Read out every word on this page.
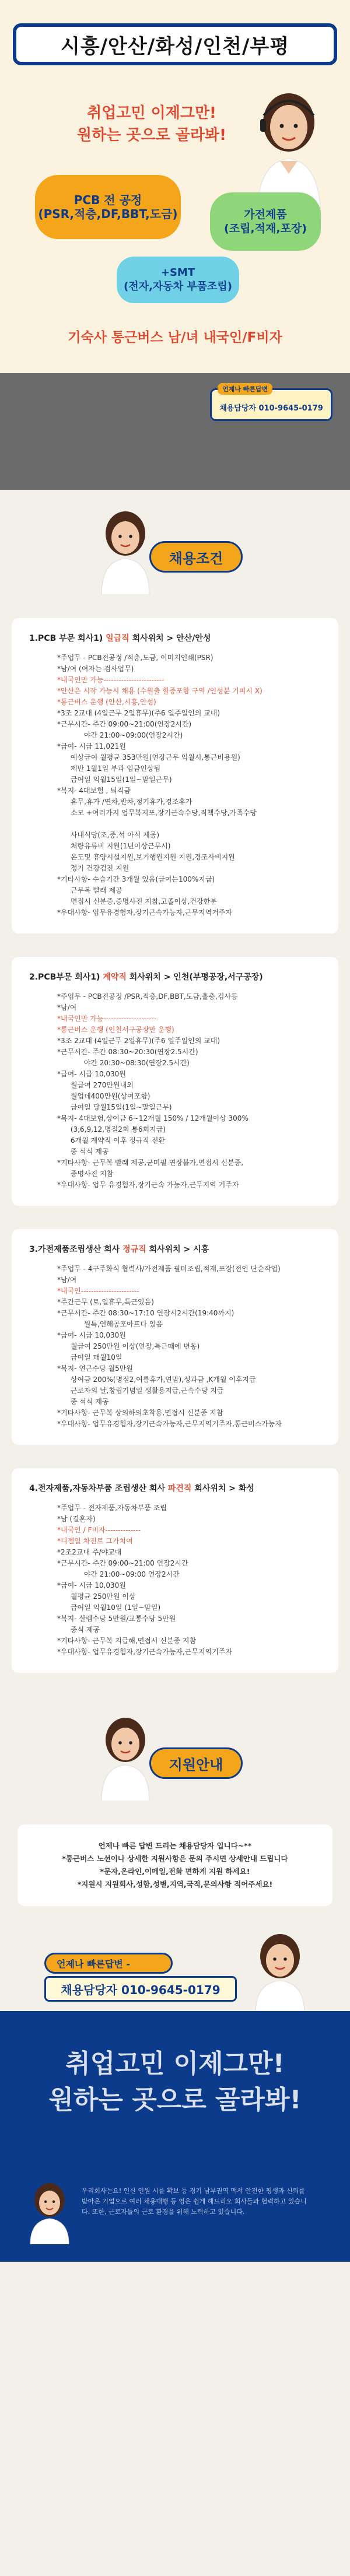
시흥/안산/화성/인천/부평
취업고민 이제그만!
원하는 곳으로 골라봐!
PCB 전 공정
(PSR,적층,DF,BBT,도금)	가전제품
(조립,적재,포장)
+SMT
(전자,자동차 부품조립)
기숙사 통근버스 남/녀 내국인/F비자
언제나 빠른답변
채용담당자 010-9645-0179
채용조건
1.PCB 부문 회사1) 일급직 회사위치 > 안산/안성
*주업무 - PCB전공정 /적층,도금, 이미지인쇄(PSR)
*남/여 (여자는 검사업무)
*내국인만 가능------------------------
*안산은 시작 가능시 채용 (수원출 할증포함 구역 /인성분 기피시 X)
*통근버스 운행 (안산,시흥,안성)
*3조 2교대 (4일근무 2일휴무)(주6 일주일인의 교대)
*근무시간- 주간 09:00~21:00(연장2시간)
야간 21:00~09:00(연장2시간)
*급여- 시급 11,021원
예상급여 월평균 353만원(연장근무 익월시,통근비용원)
제반 1월1일 부과 임금인상됨
급여일 익월15일(1일~말일근무)
*복지- 4대보험 , 퇴직금
휴무,휴가 /연차,반차,정기휴가,경조휴가
소모 +여러가지 업무복지포,장기근속수당,직책수당,가족수당

사내식당(조,중,석 아식 제공)
처량유류비 지원(1년이상근무시)
온도및 휴양시설지원,보기행원지원 지원,경조사비지원
정기 건강검진 지원
*기타사항- 수습기간 3개월 있음(급여는100%지급)
근무복 빨래 제공
면접시 신분증,증명사진 지참,고졸이상,건강한분
*우대사항- 업무유경험자,장기근속가능자,근무지역거주자
2.PCB부문 회사1) 계약직 회사위치 > 인천(부평공장,서구공장)
*주업무 - PCB전공정 /PSR,적층,DF,BBT,도금,홀충,검사등
*남/여
*내국인만 가능---------------------
*통근버스 운행 (인천서구공장만 운행)
*3조 2교대 (4일근무 2일휴무)(주6 일주일인의 교대)
*근무시간- 주간 08:30~20:30(연장2.5시간)
야간 20:30~08:30(연장2.5시간)
*급여- 시급 10,030원
월급여 270만원내외
월업데400만원(상여포함)
급여일 당월15일(1일~말일근무)
*복지- 4대보험,상여금 6~12개월 150% / 12개월이상 300%
(3,6,9,12,명절2회 통6회지급)
6개월 계약직 이후 정규직 전환
중 석식 제공
*기타사항- 근무복 빨래 제공,군미필 연장불가,면접시 신분증,
증명사진 지참
*우대사항- 업무 유경험자,장기근속 가능자,근무지역 거주자
3.가전제품조립생산 회사 정규직 회사위치 > 시흥
*주업무 - 4구주화식 협력사/가전제품 필터조립,적재,포장(전인 단순작업)
*남/여
*내국인-----------------------
*주간근무 (토,일휴무,특근있음)
*근무시간- 주간 08:30~17:10 연장시2시간(19:40까지)
월특,연해공포아프다 있음
*급여- 시급 10,030원
월급여 250만원 이상(연장,특근때에 변동)
급여일 매월10일
*복지- 연근수당 월5만원
상여금 200%(명절2,여름휴가,연말),성과금 ,K개월 이후지급
근로자의 날,창립기념일 생활용지급,근속수당 지급
중 석식 제공
*기타사항- 근무복 상의하의초착용,면접시 신분증 지참
*우대사항- 업무유경험자,장기근속가능자,근무지역거주자,통근버스가능자
4.전자제품,자동차부품 조립생산 회사 파견직 회사위치 > 화성
*주업무 - 전자제품,자동차부품 조립
*남 (결혼자)
*내국인 / F비자--------------
*디젤일 차진로 그가치여
*2조2교대 주/야교대
*근무시간- 주간 09:00~21:00 연장2시간
야간 21:00~09:00 연장2시간
*급여- 시급 10,030원
월평균 250만원 이상
급여일 익월10일 (1일~말일)
*복지- 살렘수당 5만원/교통수당 5만원
중식 제공
*기타사항- 근무복 지급해,면접시 신분증 지참
*우대사항- 업무유경험자,장기근속가능자,근무지역거주자
지원안내
언제나 빠른 답변 드리는 채용담당자 입니다~**
*통근버스 노선이나 상세한 지원사항은 문의 주시면 상세안내 드립니다
*문자,온라인,이메일,전화 편하게 지원 하세요!
*지원시 지원회사,성함,성별,지역,국적,문의사항 적어주세요!
언제나 빠른답변 -
채용담당자 010-9645-0179
취업고민 이제그만!
원하는 곳으로 골라봐!
우리회사는요! 인신 인원 시를 확보 등 경기 남부권역 맥서 안전한 평생과 신뢰를 받아온 기업으로 여러 채용대행 등 영은 쉽게 해드리오 회사들과 협력하고 있습니다. 또한, 근로자들의 근로 환경을 위해 노력하고 있습니다.
